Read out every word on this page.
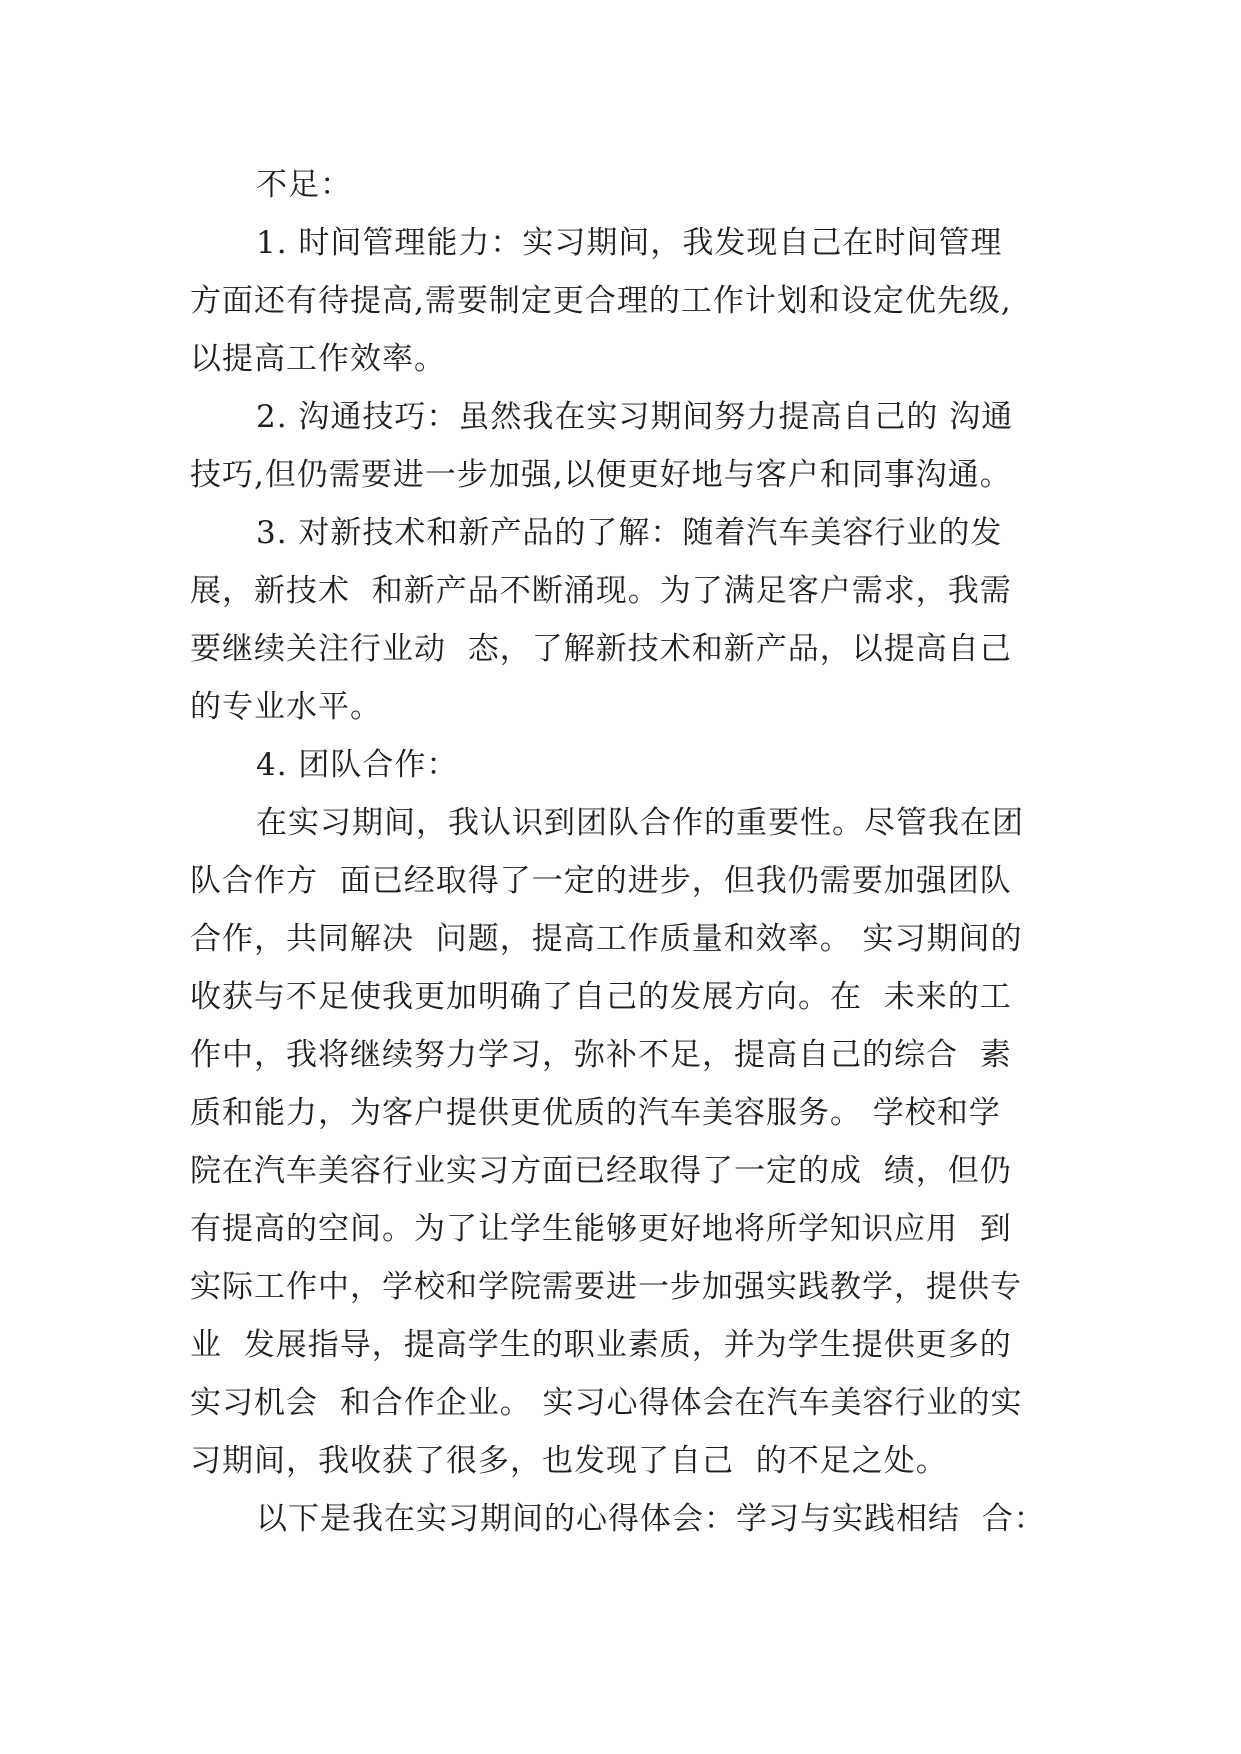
不足：
1. 时间管理能力：实习期间，我发现自己在时间管理
方面还有待提高,需要制定更合理的工作计划和设定优先级,
以提高工作效率。
2. 沟通技巧：虽然我在实习期间努力提高自己的 沟通
技巧,但仍需要进一步加强,以便更好地与客户和同事沟通。
3. 对新技术和新产品的了解：随着汽车美容行业的发
展，新技术  和新产品不断涌现。为了满足客户需求，我需
要继续关注行业动  态，了解新技术和新产品，以提高自己
的专业水平。
4. 团队合作：
在实习期间，我认识到团队合作的重要性。尽管我在团
队合作方  面已经取得了一定的进步，但我仍需要加强团队
合作，共同解决  问题，提高工作质量和效率。 实习期间的
收获与不足使我更加明确了自己的发展方向。在  未来的工
作中，我将继续努力学习，弥补不足，提高自己的综合  素
质和能力，为客户提供更优质的汽车美容服务。 学校和学
院在汽车美容行业实习方面已经取得了一定的成  绩，但仍
有提高的空间。为了让学生能够更好地将所学知识应用  到
实际工作中，学校和学院需要进一步加强实践教学，提供专
业  发展指导，提高学生的职业素质，并为学生提供更多的
实习机会  和合作企业。 实习心得体会在汽车美容行业的实
习期间，我收获了很多，也发现了自己  的不足之处。
以下是我在实习期间的心得体会：学习与实践相结  合：
